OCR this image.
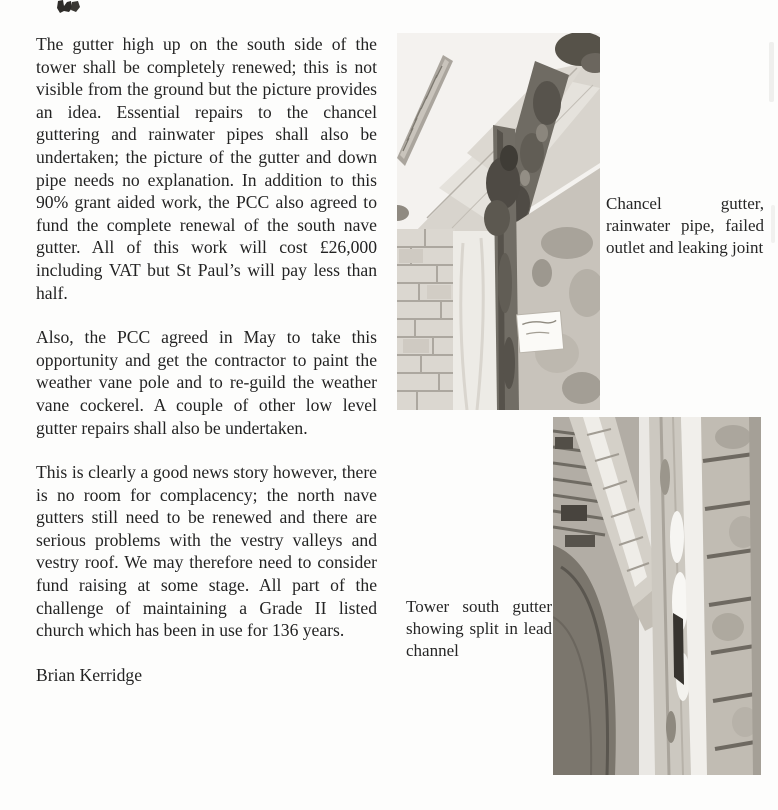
The gutter high up on the south side of the tower shall be completely renewed; this is not visible from the ground but the picture provides an idea. Essential repairs to the chancel guttering and rainwater pipes shall also be undertaken; the picture of the gutter and down pipe needs no explanation. In addition to this 90% grant aided work, the PCC also agreed to fund the complete renewal of the south nave gutter. All of this work will cost £26,000 including VAT but St Paul’s will pay less than half.

Also, the PCC agreed in May to take this opportunity and get the contractor to paint the weather vane pole and to re-guild the weather vane cockerel. A couple of other low level gutter repairs shall also be undertaken.

This is clearly a good news story however, there is no room for complacency; the north nave gutters still need to be renewed and there are serious problems with the vestry valleys and vestry roof. We may therefore need to consider fund raising at some stage. All part of the challenge of maintaining a Grade II listed church which has been in use for 136 years.

Brian Kerridge
Chancel gutter, rainwater pipe, failed outlet and leaking joint
Tower south gutter showing split in lead channel
